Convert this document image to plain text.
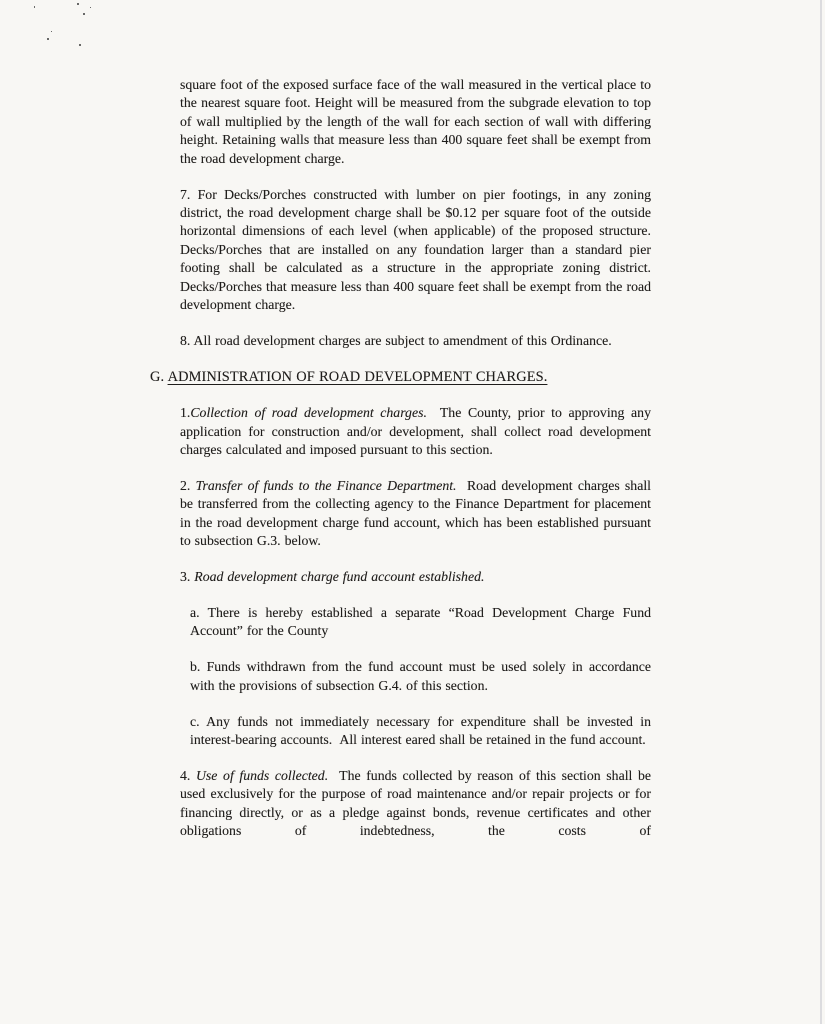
square foot of the exposed surface face of the wall measured in the vertical place to the nearest square foot. Height will be measured from the subgrade elevation to top of wall multiplied by the length of the wall for each section of wall with differing height. Retaining walls that measure less than 400 square feet shall be exempt from the road development charge.

7. For Decks/Porches constructed with lumber on pier footings, in any zoning district, the road development charge shall be $0.12 per square foot of the outside horizontal dimensions of each level (when applicable) of the proposed structure. Decks/Porches that are installed on any foundation larger than a standard pier footing shall be calculated as a structure in the appropriate zoning district. Decks/Porches that measure less than 400 square feet shall be exempt from the road development charge.

8. All road development charges are subject to amendment of this Ordinance.

G. ADMINISTRATION OF ROAD DEVELOPMENT CHARGES.

1.Collection of road development charges.  The County, prior to approving any application for construction and/or development, shall collect road development charges calculated and imposed pursuant to this section.

2. Transfer of funds to the Finance Department.  Road development charges shall be transferred from the collecting agency to the Finance Department for placement in the road development charge fund account, which has been established pursuant to subsection G.3. below.

3. Road development charge fund account established.

a. There is hereby established a separate “Road Development Charge Fund Account” for the County

b. Funds withdrawn from the fund account must be used solely in accordance with the provisions of subsection G.4. of this section.

c. Any funds not immediately necessary for expenditure shall be invested in interest-bearing accounts.  All interest eared shall be retained in the fund account.

4. Use of funds collected.  The funds collected by reason of this section shall be used exclusively for the purpose of road maintenance and/or repair projects or for financing directly, or as a pledge against bonds, revenue certificates and other obligations of indebtedness, the costs of
